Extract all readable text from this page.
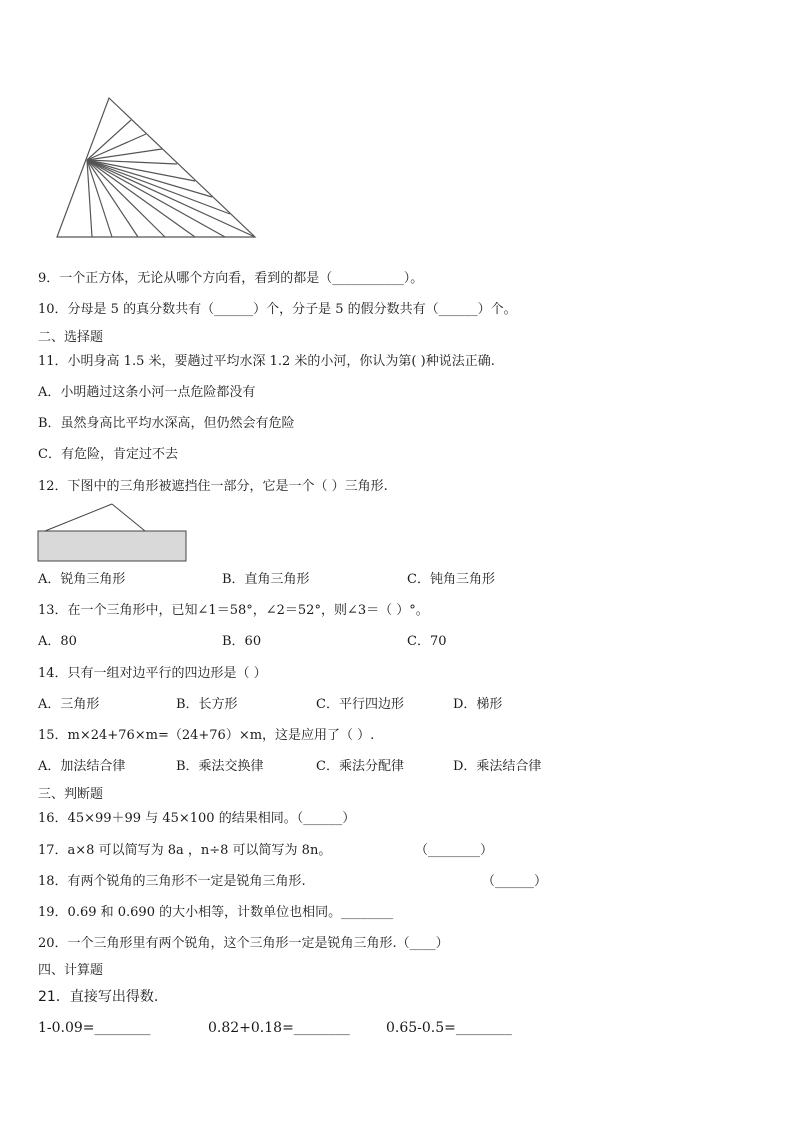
9．一个正方体，无论从哪个方向看，看到的都是（___________）。
10．分母是 5 的真分数共有（______）个，分子是 5 的假分数共有（______）个。
二、选择题
11．小明身高 1.5 米，要趟过平均水深 1.2 米的小河，你认为第( )种说法正确.
A．小明趟过这条小河一点危险都没有
B．虽然身高比平均水深高，但仍然会有危险
C．有危险，肯定过不去
12．下图中的三角形被遮挡住一部分，它是一个（ ）三角形.
A．锐角三角形	B．直角三角形	C．钝角三角形
13．在一个三角形中，已知∠1＝58°，∠2＝52°，则∠3＝（ ）°。
A．80	B．60	C．70
14．只有一组对边平行的四边形是（ ）
A．三角形	B．长方形	C．平行四边形	D．梯形
15．m×24+76×m=（24+76）×m，这是应用了（ ）.
A．加法结合律	B．乘法交换律	C．乘法分配律	D．乘法结合律
三、判断题
16．45×99＋99 与 45×100 的结果相同。（______）
17．a×8 可以简写为 8a ，n÷8 可以简写为 8n。	（________）
18．有两个锐角的三角形不一定是锐角三角形.	（______）
19．0.69 和 0.690 的大小相等，计数单位也相同。________
20．一个三角形里有两个锐角，这个三角形一定是锐角三角形.（____）
四、计算题
21．直接写出得数.
1-0.09=________	0.82+0.18=________	0.65-0.5=________
